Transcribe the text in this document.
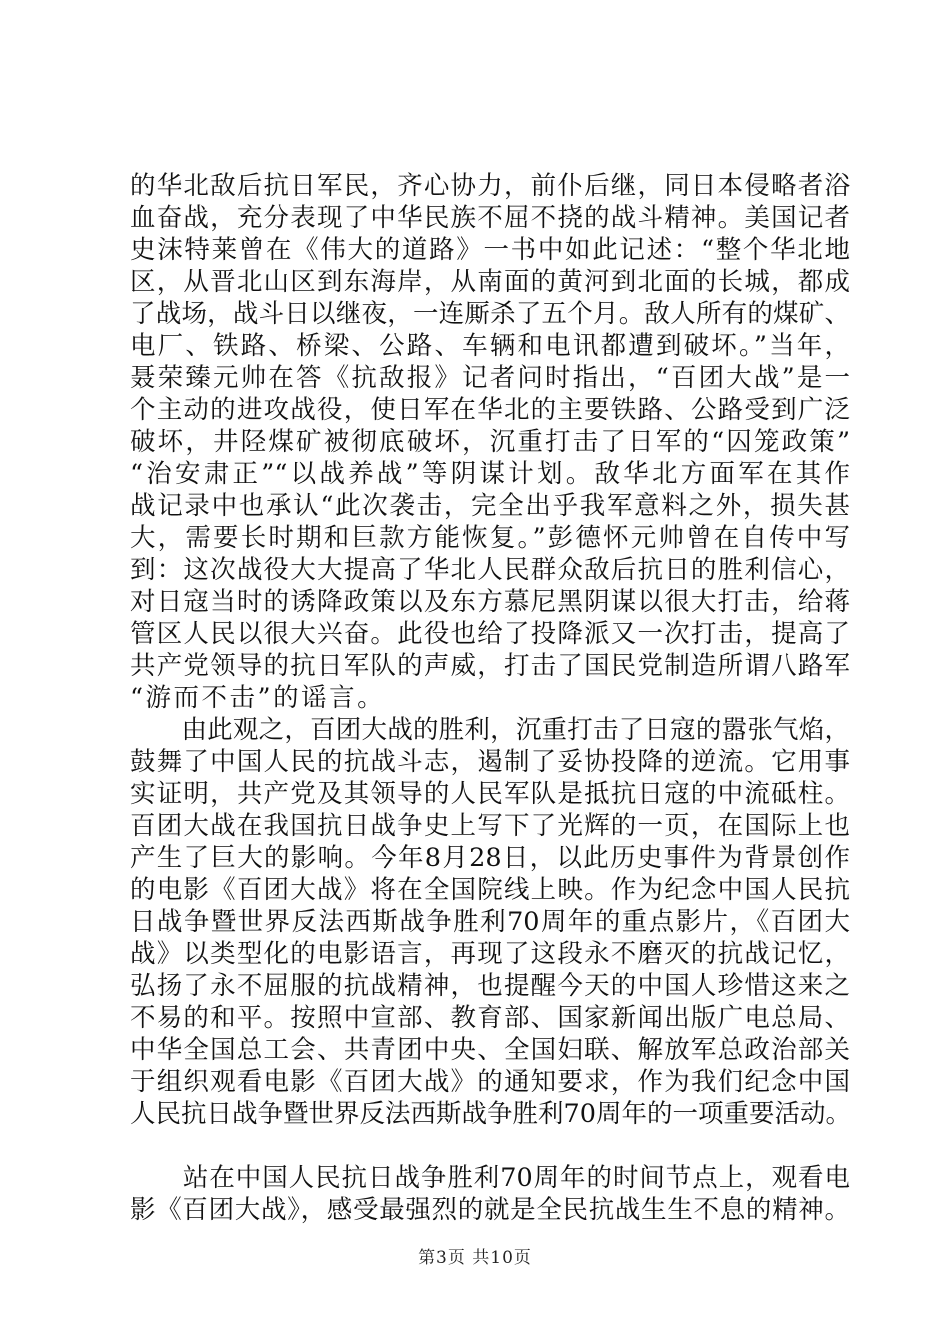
的华北敌后抗日军民，齐心协力，前仆后继，同日本侵略者浴
血奋战，充分表现了中华民族不屈不挠的战斗精神。美国记者
史沫特莱曾在《伟大的道路》一书中如此记述：“整个华北地
区，从晋北山区到东海岸，从南面的黄河到北面的长城，都成
了战场，战斗日以继夜，一连厮杀了五个月。敌人所有的煤矿、
电厂、铁路、桥梁、公路、车辆和电讯都遭到破坏。”当年，
聂荣臻元帅在答《抗敌报》记者问时指出，“百团大战”是一
个主动的进攻战役，使日军在华北的主要铁路、公路受到广泛
破坏，井陉煤矿被彻底破坏，沉重打击了日军的“囚笼政策”
“治安肃正”“以战养战”等阴谋计划。敌华北方面军在其作
战记录中也承认“此次袭击，完全出乎我军意料之外，损失甚
大，需要长时期和巨款方能恢复。”彭德怀元帅曾在自传中写
到：这次战役大大提高了华北人民群众敌后抗日的胜利信心，
对日寇当时的诱降政策以及东方慕尼黑阴谋以很大打击，给蒋
管区人民以很大兴奋。此役也给了投降派又一次打击，提高了
共产党领导的抗日军队的声威，打击了国民党制造所谓八路军
“游而不击”的谣言。
　　由此观之，百团大战的胜利，沉重打击了日寇的嚣张气焰，
鼓舞了中国人民的抗战斗志，遏制了妥协投降的逆流。它用事
实证明，共产党及其领导的人民军队是抵抗日寇的中流砥柱。
百团大战在我国抗日战争史上写下了光辉的一页，在国际上也
产生了巨大的影响。今年8月28日，以此历史事件为背景创作
的电影《百团大战》将在全国院线上映。作为纪念中国人民抗
日战争暨世界反法西斯战争胜利70周年的重点影片，《百团大
战》以类型化的电影语言，再现了这段永不磨灭的抗战记忆，
弘扬了永不屈服的抗战精神，也提醒今天的中国人珍惜这来之
不易的和平。按照中宣部、教育部、国家新闻出版广电总局、
中华全国总工会、共青团中央、全国妇联、解放军总政治部关
于组织观看电影《百团大战》的通知要求，作为我们纪念中国
人民抗日战争暨世界反法西斯战争胜利70周年的一项重要活动。
　　站在中国人民抗日战争胜利70周年的时间节点上，观看电
影《百团大战》，感受最强烈的就是全民抗战生生不息的精神。
第3页 共10页
